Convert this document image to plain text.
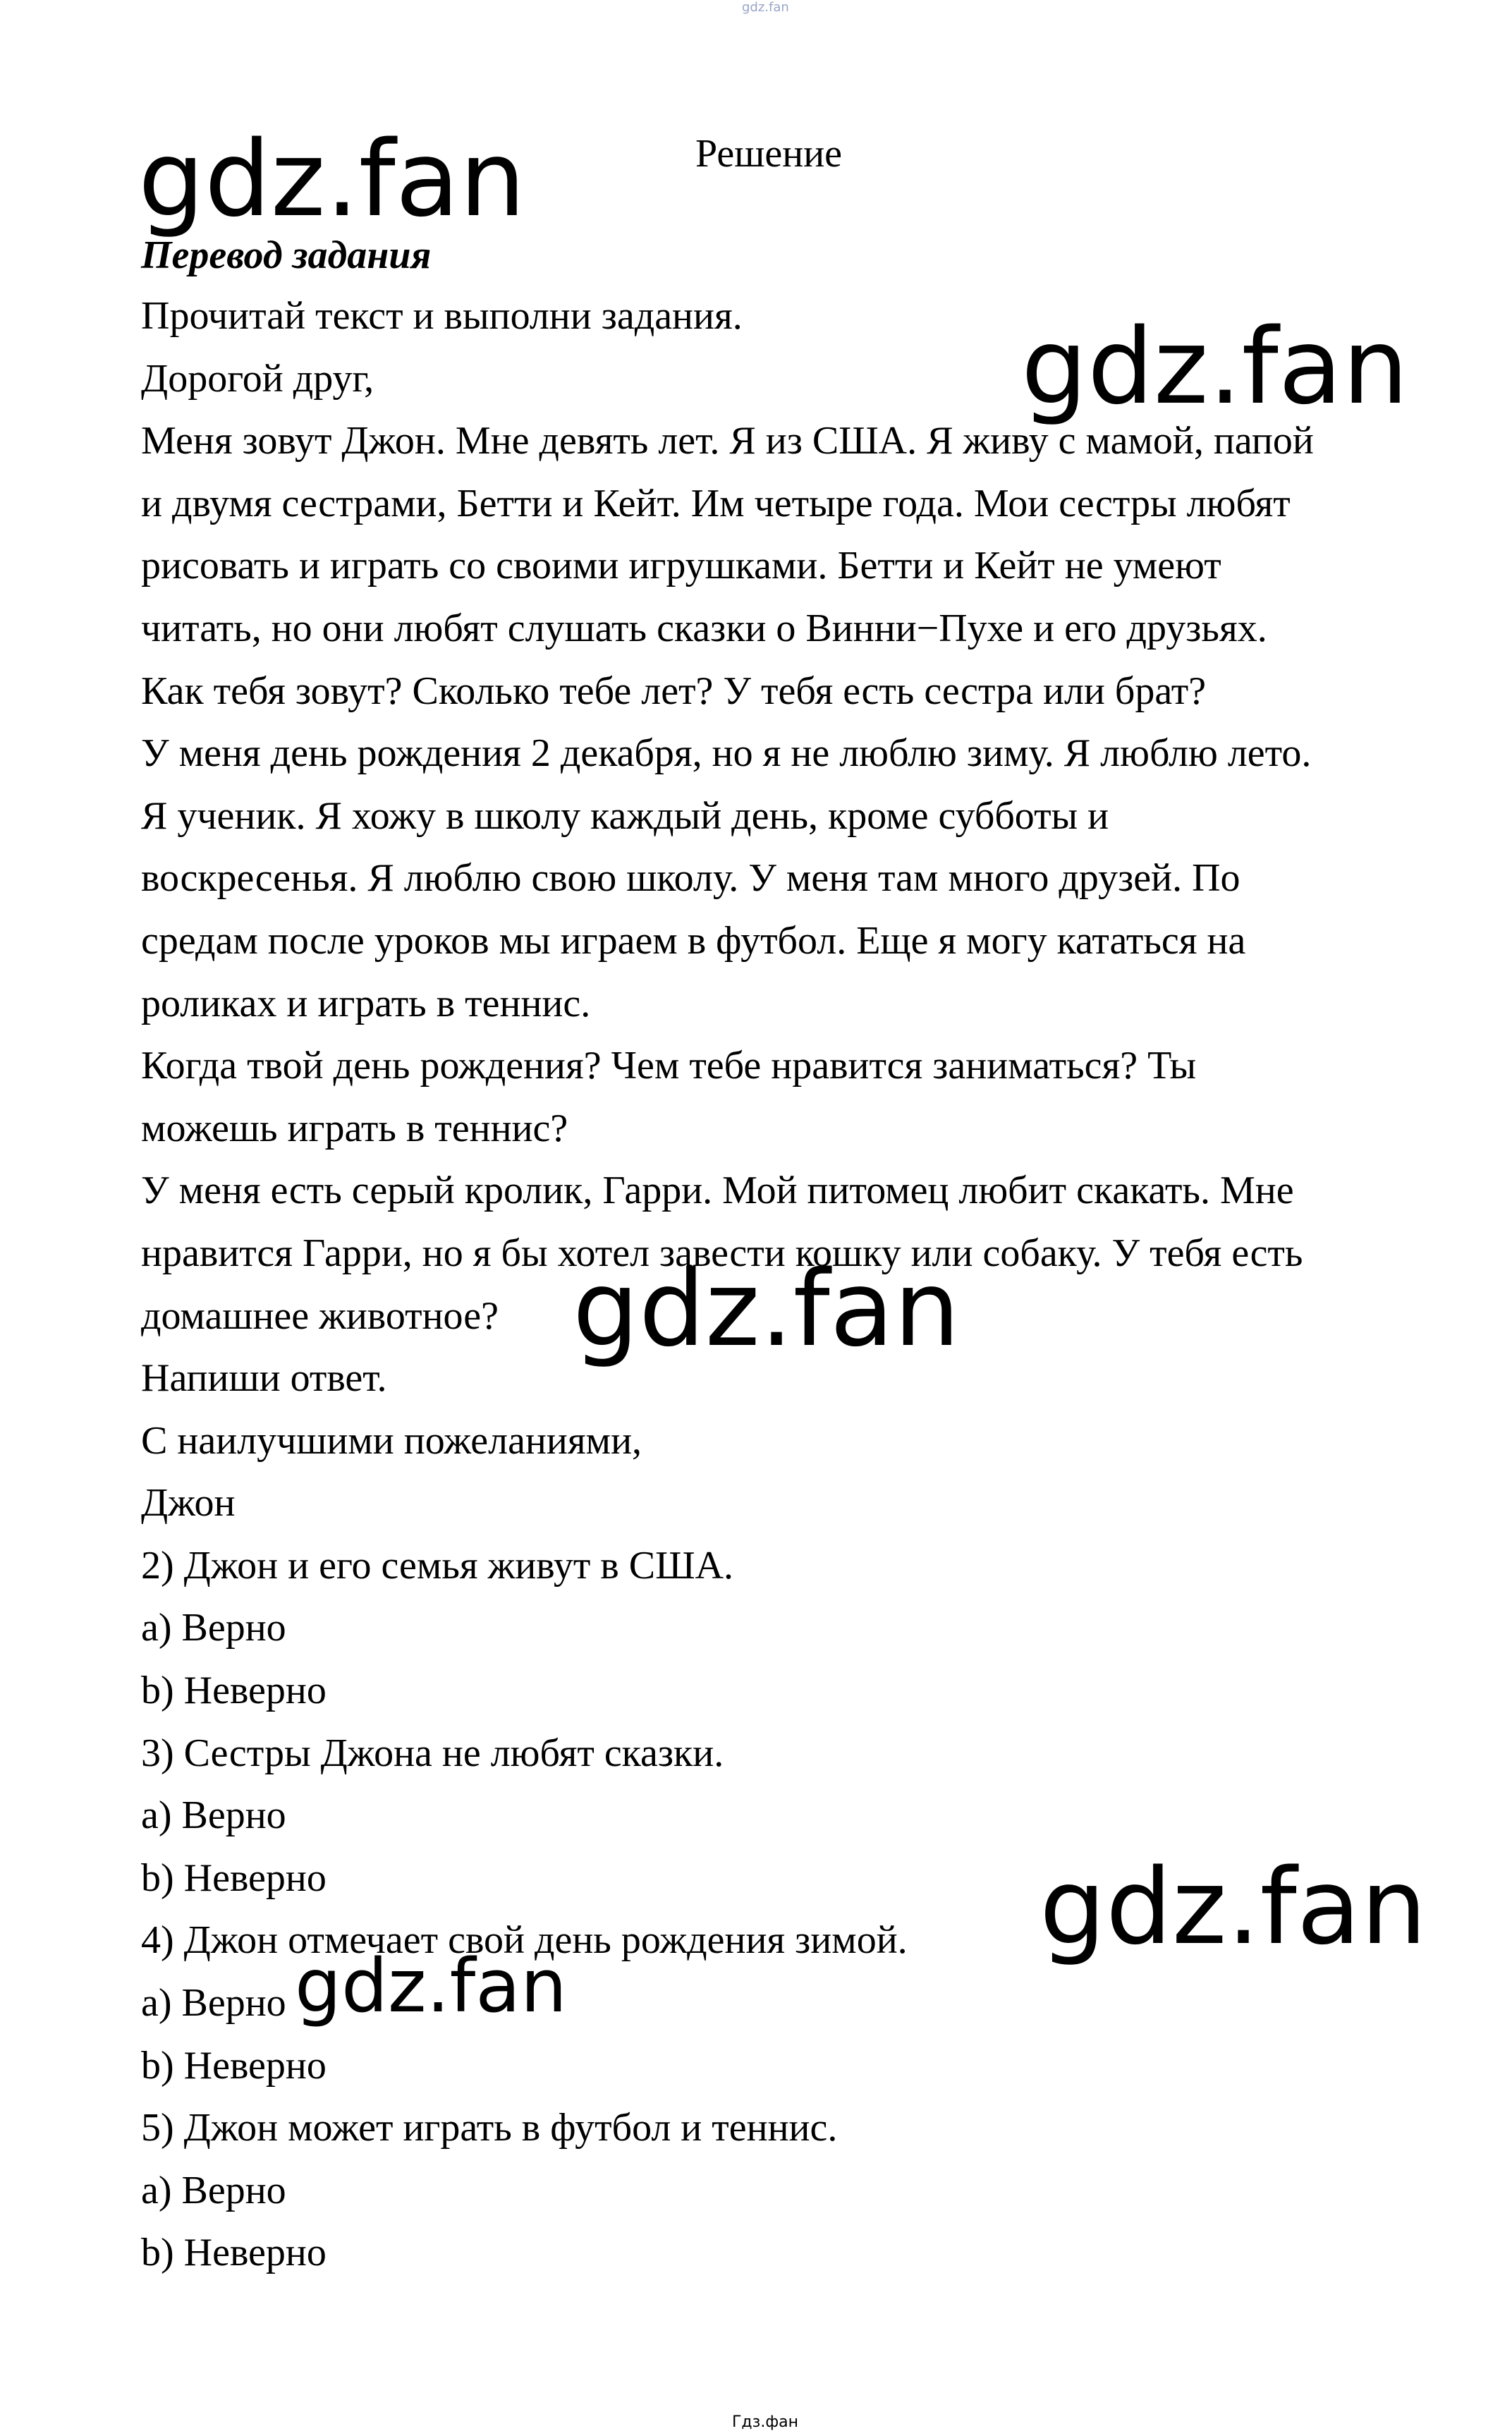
gdz.fan
Решение
Перевод задания
Прочитай текст и выполни задания.
Дорогой друг,
Меня зовут Джон. Мне девять лет. Я из США. Я живу с мамой, папой
и двумя сестрами, Бетти и Кейт. Им четыре года. Мои сестры любят
рисовать и играть со своими игрушками. Бетти и Кейт не умеют
читать, но они любят слушать сказки о Винни−Пухе и его друзьях.
Как тебя зовут? Сколько тебе лет? У тебя есть сестра или брат?
У меня день рождения 2 декабря, но я не люблю зиму. Я люблю лето.
Я ученик. Я хожу в школу каждый день, кроме субботы и
воскресенья. Я люблю свою школу. У меня там много друзей. По
средам после уроков мы играем в футбол. Еще я могу кататься на
роликах и играть в теннис.
Когда твой день рождения? Чем тебе нравится заниматься? Ты
можешь играть в теннис?
У меня есть серый кролик, Гарри. Мой питомец любит скакать. Мне
нравится Гарри, но я бы хотел завести кошку или собаку. У тебя есть
домашнее животное?
Напиши ответ.
С наилучшими пожеланиями,
Джон
2) Джон и его семья живут в США.
a) Верно
b) Неверно
3) Сестры Джона не любят сказки.
a) Верно
b) Неверно
4) Джон отмечает свой день рождения зимой.
a) Верно
b) Неверно
5) Джон может играть в футбол и теннис.
a) Верно
b) Неверно
gdz.fan
gdz.fan
gdz.fan
gdz.fan
gdz.fan
Гдз.фан
